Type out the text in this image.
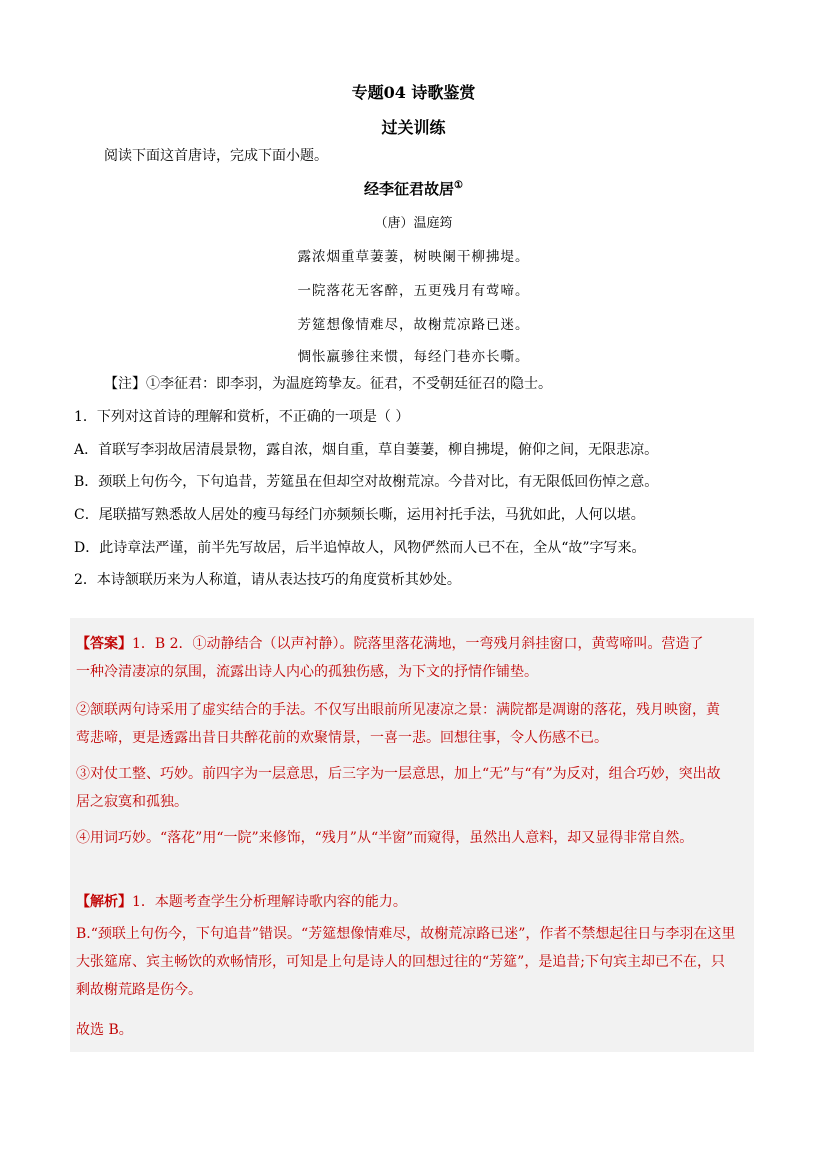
专题04 诗歌鉴赏
过关训练
阅读下面这首唐诗，完成下面小题。
经李征君故居①
（唐）温庭筠
露浓烟重草萋萋，树映阑干柳拂堤。
一院落花无客醉，五更残月有莺啼。
芳筵想像情难尽，故榭荒凉路已迷。
惆怅羸骖往来惯，每经门巷亦长嘶。
【注】①李征君：即李羽，为温庭筠挚友。征君，不受朝廷征召的隐士。
1．下列对这首诗的理解和赏析，不正确的一项是（ ）
A．首联写李羽故居清晨景物，露自浓，烟自重，草自萋萋，柳自拂堤，俯仰之间，无限悲凉。
B．颈联上句伤今，下句追昔，芳筵虽在但却空对故榭荒凉。今昔对比，有无限低回伤悼之意。
C．尾联描写熟悉故人居处的瘦马每经门亦频频长嘶，运用衬托手法，马犹如此，人何以堪。
D．此诗章法严谨，前半先写故居，后半追悼故人，风物俨然而人已不在，全从“故”字写来。
2．本诗颔联历来为人称道，请从表达技巧的角度赏析其妙处。
【答案】1．B 2．①动静结合（以声衬静）。院落里落花满地，一弯残月斜挂窗口，黄莺啼叫。营造了
一种冷清凄凉的氛围，流露出诗人内心的孤独伤感，为下文的抒情作铺垫。
②颔联两句诗采用了虚实结合的手法。不仅写出眼前所见凄凉之景：满院都是凋谢的落花，残月映窗，黄
莺悲啼，更是透露出昔日共醉花前的欢聚情景，一喜一悲。回想往事，令人伤感不已。
③对仗工整、巧妙。前四字为一层意思，后三字为一层意思，加上“无”与“有”为反对，组合巧妙，突出故
居之寂寞和孤独。
④用词巧妙。“落花”用“一院”来修饰，“残月”从“半窗”而窥得，虽然出人意料，却又显得非常自然。
【解析】1．本题考查学生分析理解诗歌内容的能力。
B.“颈联上句伤今，下句追昔”错误。“芳筵想像情难尽，故榭荒凉路已迷”，作者不禁想起往日与李羽在这里
大张筵席、宾主畅饮的欢畅情形，可知是上句是诗人的回想过往的“芳筵”，是追昔;下句宾主却已不在，只
剩故榭荒路是伤今。
故选 B。
